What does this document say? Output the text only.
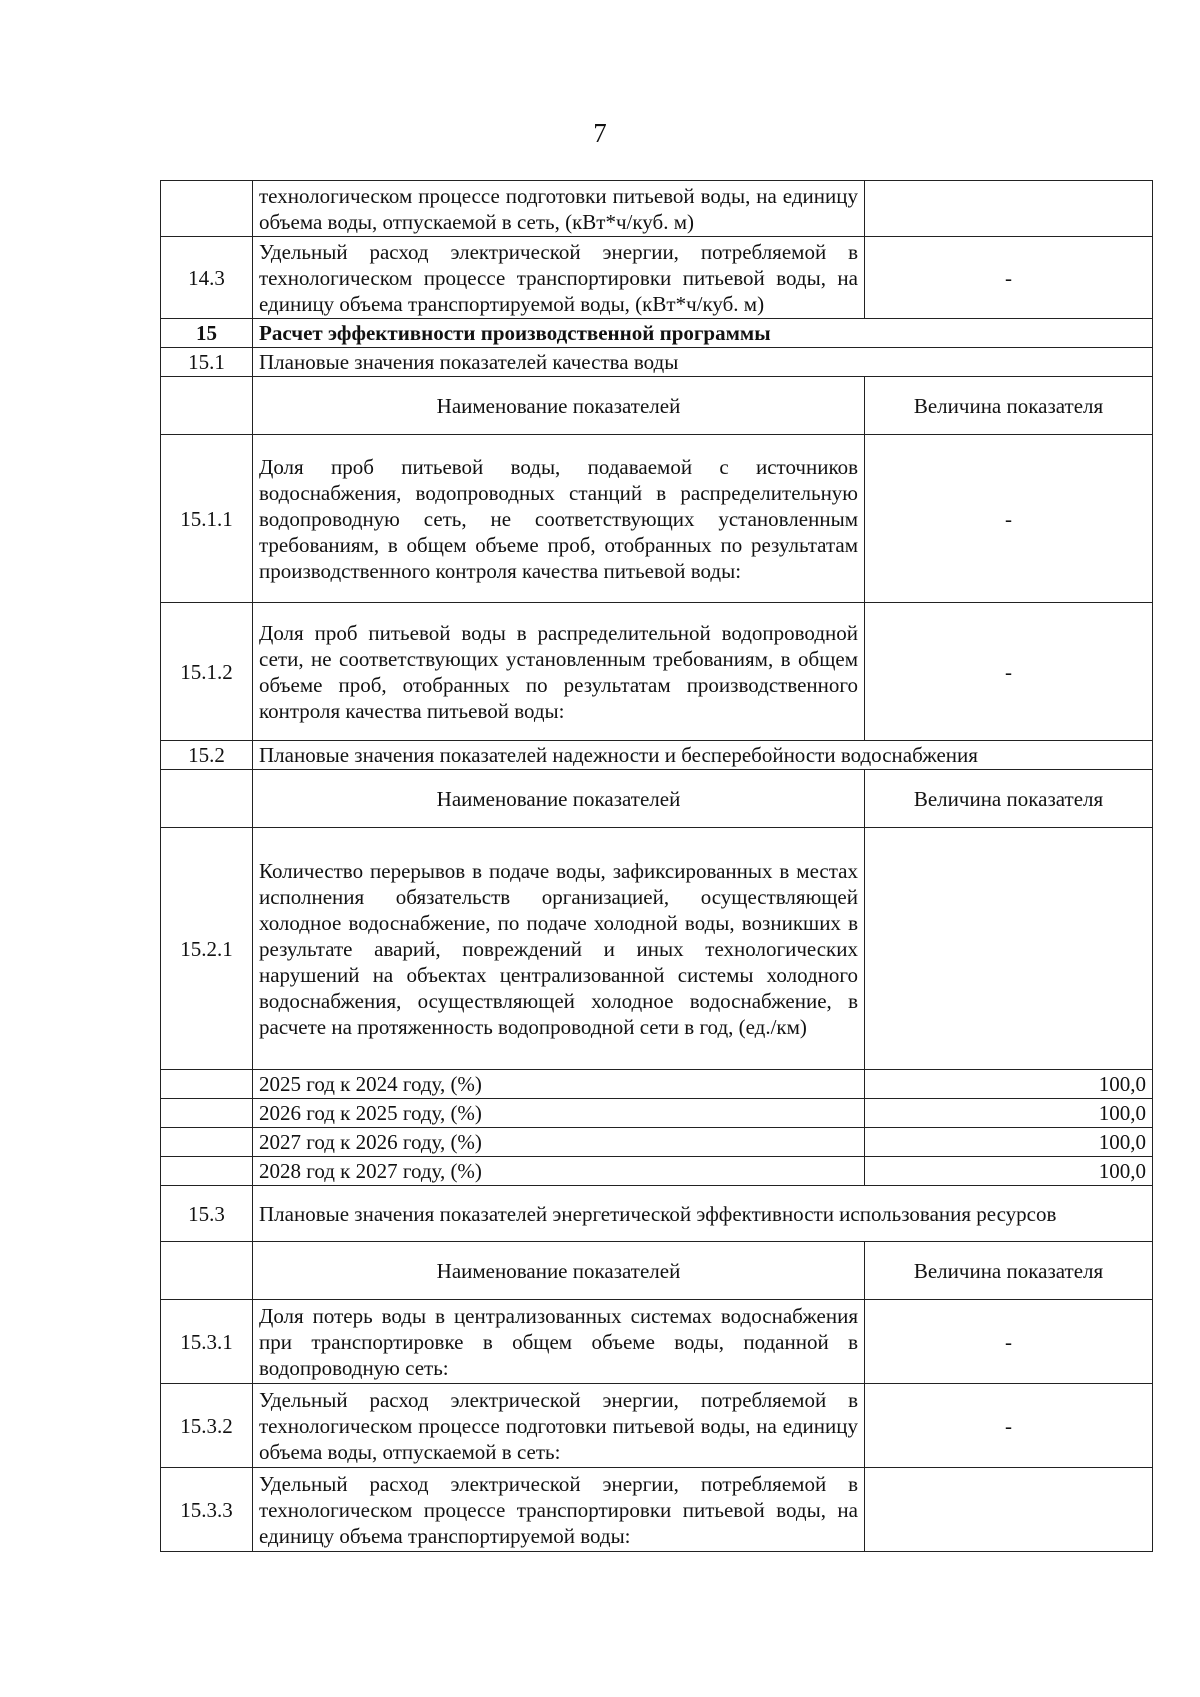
7
	технологическом процессе подготовки питьевой воды, на единицу объема воды, отпускаемой в сеть, (кВт*ч/куб. м)	
14.3	Удельный расход электрической энергии, потребляемой в технологическом процессе транспортировки питьевой воды, на единицу объема транспортируемой воды, (кВт*ч/куб. м)	-
15	Расчет эффективности производственной программы	
15.1	Плановые значения показателей качества воды	
	Наименование показателей	Величина показателя
15.1.1	Доля проб питьевой воды, подаваемой с источников водоснабжения, водопроводных станций в распределительную водопроводную сеть, не соответствующих установленным требованиям, в общем объеме проб, отобранных по результатам производственного контроля качества питьевой воды:	-
15.1.2	Доля проб питьевой воды в распределительной водопроводной сети, не соответствующих установленным требованиям, в общем объеме проб, отобранных по результатам производственного контроля качества питьевой воды:	-
15.2	Плановые значения показателей надежности и бесперебойности водоснабжения	
	Наименование показателей	Величина показателя
15.2.1	Количество перерывов в подаче воды, зафиксированных в местах исполнения обязательств организацией, осуществляющей холодное водоснабжение, по подаче холодной воды, возникших в результате аварий, повреждений и иных технологических нарушений на объектах централизованной системы холодного водоснабжения, осуществляющей холодное водоснабжение, в расчете на протяженность водопроводной сети в год, (ед./км)	
	2025 год к 2024 году, (%)	100,0
	2026 год к 2025 году, (%)	100,0
	2027 год к 2026 году, (%)	100,0
	2028 год к 2027 году, (%)	100,0
15.3	Плановые значения показателей энергетической эффективности использования ресурсов	
	Наименование показателей	Величина показателя
15.3.1	Доля потерь воды в централизованных системах водоснабжения при транспортировке в общем объеме воды, поданной в водопроводную сеть:	-
15.3.2	Удельный расход электрической энергии, потребляемой в технологическом процессе подготовки питьевой воды, на единицу объема воды, отпускаемой в сеть:	-
15.3.3	Удельный расход электрической энергии, потребляемой в технологическом процессе транспортировки питьевой воды, на единицу объема транспортируемой воды:	
